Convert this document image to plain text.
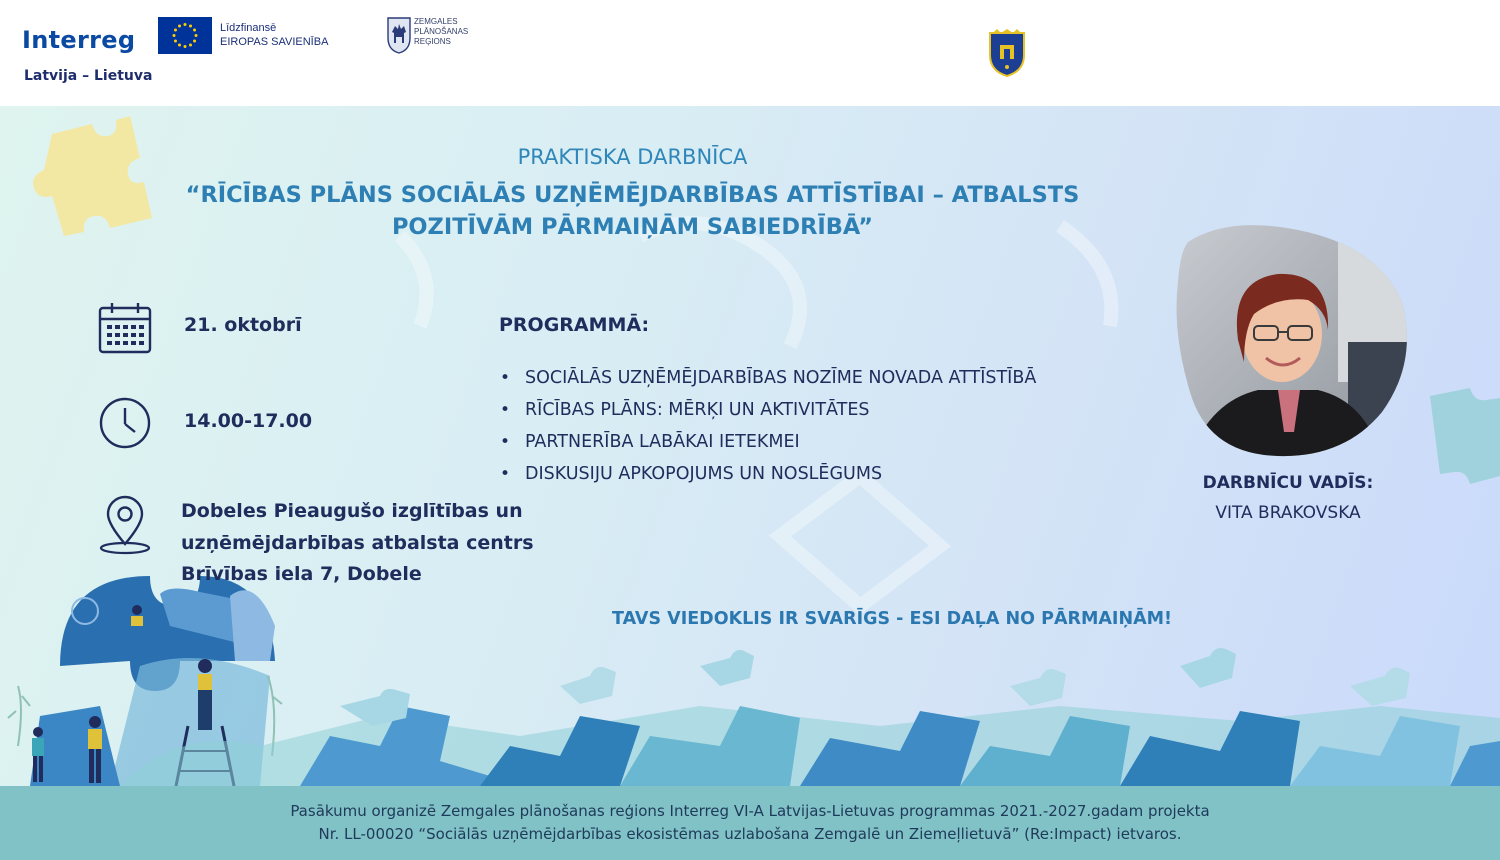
Interreg
Latvija – Lietuva
Līdzfinansē
EIROPAS SAVIENĪBA
ZEMGALES
PLĀNOŠANAS
REĢIONS
PRAKTISKA DARBNĪCA
“RĪCĪBAS PLĀNS SOCIĀLĀS UZŅĒMĒJDARBĪBAS ATTĪSTĪBAI – ATBALSTS
POZITĪVĀM PĀRMAIŅĀM SABIEDRĪBĀ”
21. oktobrī
14.00-17.00
Dobeles Pieaugušo izglītības un
uzņēmējdarbības atbalsta centrs
Brīvības iela 7, Dobele
PROGRAMMĀ:
• SOCIĀLĀS UZŅĒMĒJDARBĪBAS NOZĪME NOVADA ATTĪSTĪBĀ
• RĪCĪBAS PLĀNS: MĒRĶI UN AKTIVITĀTES
• PARTNERĪBA LABĀKAI IETEKMEI
• DISKUSIJU APKOPOJUMS UN NOSLĒGUMS	DARBNĪCU VADĪS:
VITA BRAKOVSKA
TAVS VIEDOKLIS IR SVARĪGS - ESI DAĻA NO PĀRMAIŅĀM!
Pasākumu organizē Zemgales plānošanas reģions Interreg VI-A Latvijas-Lietuvas programmas 2021.-2027.gadam projekta
Nr. LL-00020 “Sociālās uzņēmējdarbības ekosistēmas uzlabošana Zemgalē un Ziemeļlietuvā” (Re:Impact) ietvaros.
